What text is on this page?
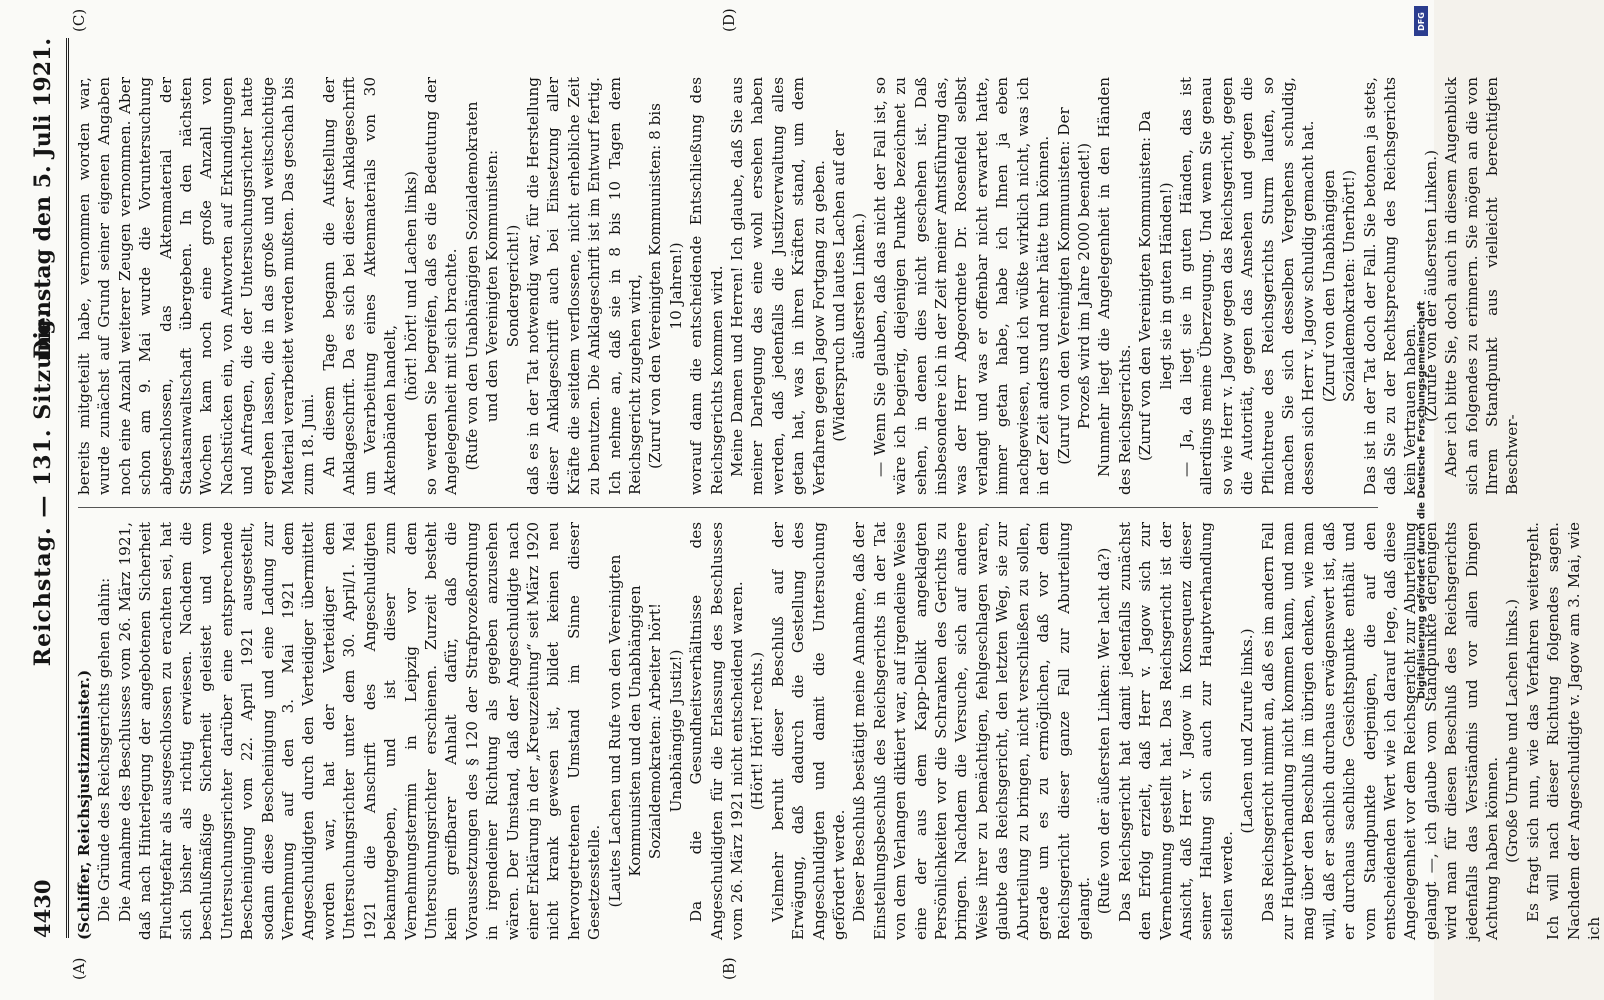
4430
Reichstag. — 131. Sitzung.
Dienstag den 5. Juli 1921.
(A)	(B)
(C)	(D)

(Schiffer, Reichsjustizminister.) Die Gründe des Reichsgerichts gehen dahin: Die Annahme des Beschlusses vom 26. März 1921, daß nach Hinterlegung der angebotenen Sicherheit Fluchtgefahr als ausgeschlossen zu erachten sei, hat sich bisher als richtig erwiesen. Nachdem die beschlußmäßige Sicherheit geleistet und vom Untersuchungsrichter darüber eine entsprechende Bescheinigung vom 22. April 1921 ausgestellt, sodann diese Bescheinigung und eine Ladung zur Vernehmung auf den 3. Mai 1921 dem Angeschuldigten durch den Verteidiger übermittelt worden war, hat der Verteidiger dem Untersuchungsrichter unter dem 30. April/1. Mai 1921 die Anschrift des Angeschuldigten bekanntgegeben, und ist dieser zum Vernehmungstermin in Leipzig vor dem Untersuchungsrichter erschienen. Zurzeit besteht kein greifbarer Anhalt dafür, daß die Voraussetzungen des § 120 der Strafprozeßordnung in irgendeiner Richtung als gegeben anzusehen wären. Der Umstand, daß der Angeschuldigte nach einer Erklärung in der „Kreuzzeitung“ seit März 1920 nicht krank gewesen ist, bildet keinen neu hervorgetretenen Umstand im Sinne dieser Gesetzesstelle. (Lautes Lachen und Rufe von den Vereinigten Kommunisten und den Unabhängigen Sozialdemokraten: Arbeiter hört! Unabhängige Justiz!) Da die Gesundheitsverhältnisse des Angeschuldigten für die Erlassung des Beschlusses vom 26. März 1921 nicht entscheidend waren. (Hört! Hört! rechts.) Vielmehr beruht dieser Beschluß auf der Erwägung, daß dadurch die Gestellung des Angeschuldigten und damit die Untersuchung gefördert werde. Dieser Beschluß bestätigt meine Annahme, daß der Einstellungsbeschluß des Reichsgerichts in der Tat von dem Verlangen diktiert war, auf irgendeine Weise eine der aus dem Kapp-Delikt angeklagten Persönlichkeiten vor die Schranken des Gerichts zu bringen. Nachdem die Versuche, sich auf andere Weise ihrer zu bemächtigen, fehlgeschlagen waren, glaubte das Reichsgericht, den letzten Weg, sie zur Aburteilung zu bringen, nicht verschließen zu sollen, gerade um es zu ermöglichen, daß vor dem Reichsgericht dieser ganze Fall zur Aburteilung gelangt. (Rufe von der äußersten Linken: Wer lacht da?) Das Reichsgericht hat damit jedenfalls zunächst den Erfolg erzielt, daß Herr v. Jagow sich zur Vernehmung gestellt hat. Das Reichsgericht ist der Ansicht, daß Herr v. Jagow in Konsequenz dieser seiner Haltung sich auch zur Hauptverhandlung stellen werde.

(Lachen und Zurufe links.) Das Reichsgericht nimmt an, daß es im andern Fall zur Hauptverhandlung nicht kommen kann, und man mag über den Beschluß im übrigen denken, wie man will, daß er sachlich durchaus erwägenswert ist, daß er durchaus sachliche Gesichtspunkte enthält und vom Standpunkte derjenigen, die auf den entscheidenden Wert wie ich darauf lege, daß diese Angelegenheit vor dem Reichsgericht zur Aburteilung gelangt —, ich glaube vom Standpunkte derjenigen wird man für diesen Beschluß des Reichsgerichts jedenfalls das Verständnis und vor allen Dingen Achtung haben können. (Große Unruhe und Lachen links.) Es fragt sich nun, wie das Verfahren weitergeht. Ich will nach dieser Richtung folgendes sagen. Nachdem der Angeschuldigte v. Jagow am 3. Mai, wie ich

bereits mitgeteilt habe, vernommen worden war, wurde zunächst auf Grund seiner eigenen Angaben noch eine Anzahl weiterer Zeugen vernommen. Aber schon am 9. Mai wurde die Voruntersuchung abgeschlossen, das Aktenmaterial der Staatsanwaltschaft übergeben. In den nächsten Wochen kam noch eine große Anzahl von Nachstücken ein, von Antworten auf Erkundigungen und Anfragen, die der Untersuchungsrichter hatte ergehen lassen, die in das große und weitschichtige Material verarbeitet werden mußten. Das geschah bis zum 18. Juni. An diesem Tage begann die Aufstellung der Anklageschrift. Da es sich bei dieser Anklageschrift um Verarbeitung eines Aktenmaterials von 30 Aktenbänden handelt,

(hört! hört! und Lachen links) so werden Sie begreifen, daß es die Bedeutung der Angelegenheit mit sich brachte. (Rufe von den Unabhängigen Sozialdemokraten und den Vereinigten Kommunisten: Sondergericht!) daß es in der Tat notwendig war, für die Herstellung dieser Anklageschrift auch bei Einsetzung aller Kräfte die seitdem verflossene, nicht erhebliche Zeit zu benutzen. Die Anklageschrift ist im Entwurf fertig. Ich nehme an, daß sie in 8 bis 10 Tagen dem Reichsgericht zugehen wird, (Zuruf von den Vereinigten Kommunisten: 8 bis 10 Jahren!) worauf dann die entscheidende Entschließung des Reichsgerichts kommen wird. Meine Damen und Herren! Ich glaube, daß Sie aus meiner Darlegung das eine wohl ersehen haben werden, daß jedenfalls die Justizverwaltung alles getan hat, was in ihren Kräften stand, um dem Verfahren gegen Jagow Fortgang zu geben. (Widerspruch und lautes Lachen auf der äußersten Linken.) — Wenn Sie glauben, daß das nicht der Fall ist, so wäre ich begierig, diejenigen Punkte bezeichnet zu sehen, in denen dies nicht geschehen ist. Daß insbesondere ich in der Zeit meiner Amtsführung das, was der Herr Abgeordnete Dr. Rosenfeld selbst verlangt und was er offenbar nicht erwartet hatte, immer getan habe, habe ich Ihnen ja eben nachgewiesen, und ich wüßte wirklich nicht, was ich in der Zeit anders und mehr hätte tun können. (Zuruf von den Vereinigten Kommunisten: Der Prozeß wird im Jahre 2000 beendet!) Nunmehr liegt die Angelegenheit in den Händen des Reichsgerichts. (Zuruf von den Vereinigten Kommunisten: Da liegt sie in guten Händen!) — Ja, da liegt sie in guten Händen, das ist allerdings meine Überzeugung. Und wenn Sie genau so wie Herr v. Jagow gegen das Reichsgericht, gegen die Autorität, gegen das Ansehen und gegen die Pflichtreue des Reichsgerichts Sturm laufen, so machen Sie sich desselben Vergehens schuldig, dessen sich Herr v. Jagow schuldig gemacht hat. (Zuruf von den Unabhängigen Sozialdemokraten: Unerhört!) Das ist in der Tat doch der Fall. Sie betonen ja stets, daß Sie zu der Rechtsprechung des Reichsgerichts kein Vertrauen haben. (Zurufe von der äußersten Linken.) Aber ich bitte Sie, doch auch in diesem Augenblick sich an folgendes zu erinnern. Sie mögen an die von Ihrem Standpunkt aus vielleicht berechtigten Beschwer-

DFG
Digitalisierung gefördert durch die Deutsche Forschungsgemeinschaft
